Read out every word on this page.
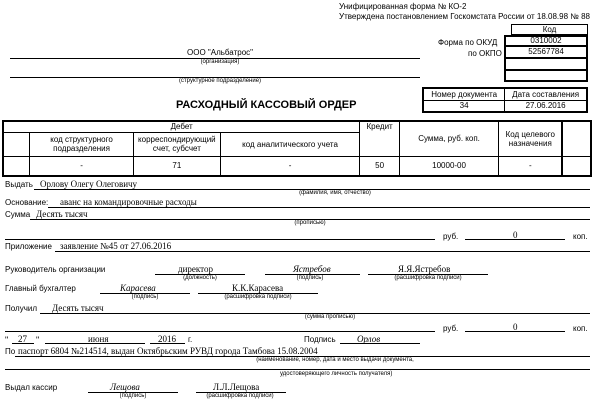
Унифицированная форма № КО-2
Утверждена постановлением Госкомстата России от 18.08.98 № 88
Код
0310002
52567784
Форма по ОКУД
по ОКПО
ООО "Альбатрос"
(организация)
(структурное подразделение)
Номер документа	Дата составления
34	27.06.2016
РАСХОДНЫЙ КАССОВЫЙ ОРДЕР
Дебет				Кредит	Сумма, руб. коп.	Код целевого назначения	
	код структурного подразделения	корреспондирующий счет, субсчет	код аналитического учета				
	-	71	-	50	10000-00	-	
Выдать Орлову Олегу Олеговичу
(фамилия, имя, отчество)
Основание: аванс на командировочные расходы
Сумма Десять тысяч
(прописью)
руб.	0	коп.
Приложение заявление №45 от 27.06.2016
Руководитель организации	директор	Ястребов	Я.Я.Ястребов
(должность)	(подпись)	(расшифровка подписи)
Главный бухгалтер	Карасева	К.К.Карасева
(подпись)	(расшифровка подписи)
Получил Десять тысяч
(сумма прописью)
руб.	0	коп.
" 27 "	июня	2016 г.	Подпись Орлов
По паспорт 6804 №214514, выдан Октябрьским РУВД города Тамбова 15.08.2004
(наименование, номер, дата и место выдачи документа,
удостоверяющего личность получателя)
Выдал кассир	Лещова	Л.Л.Лещова
(подпись)	(расшифровка подписи)
